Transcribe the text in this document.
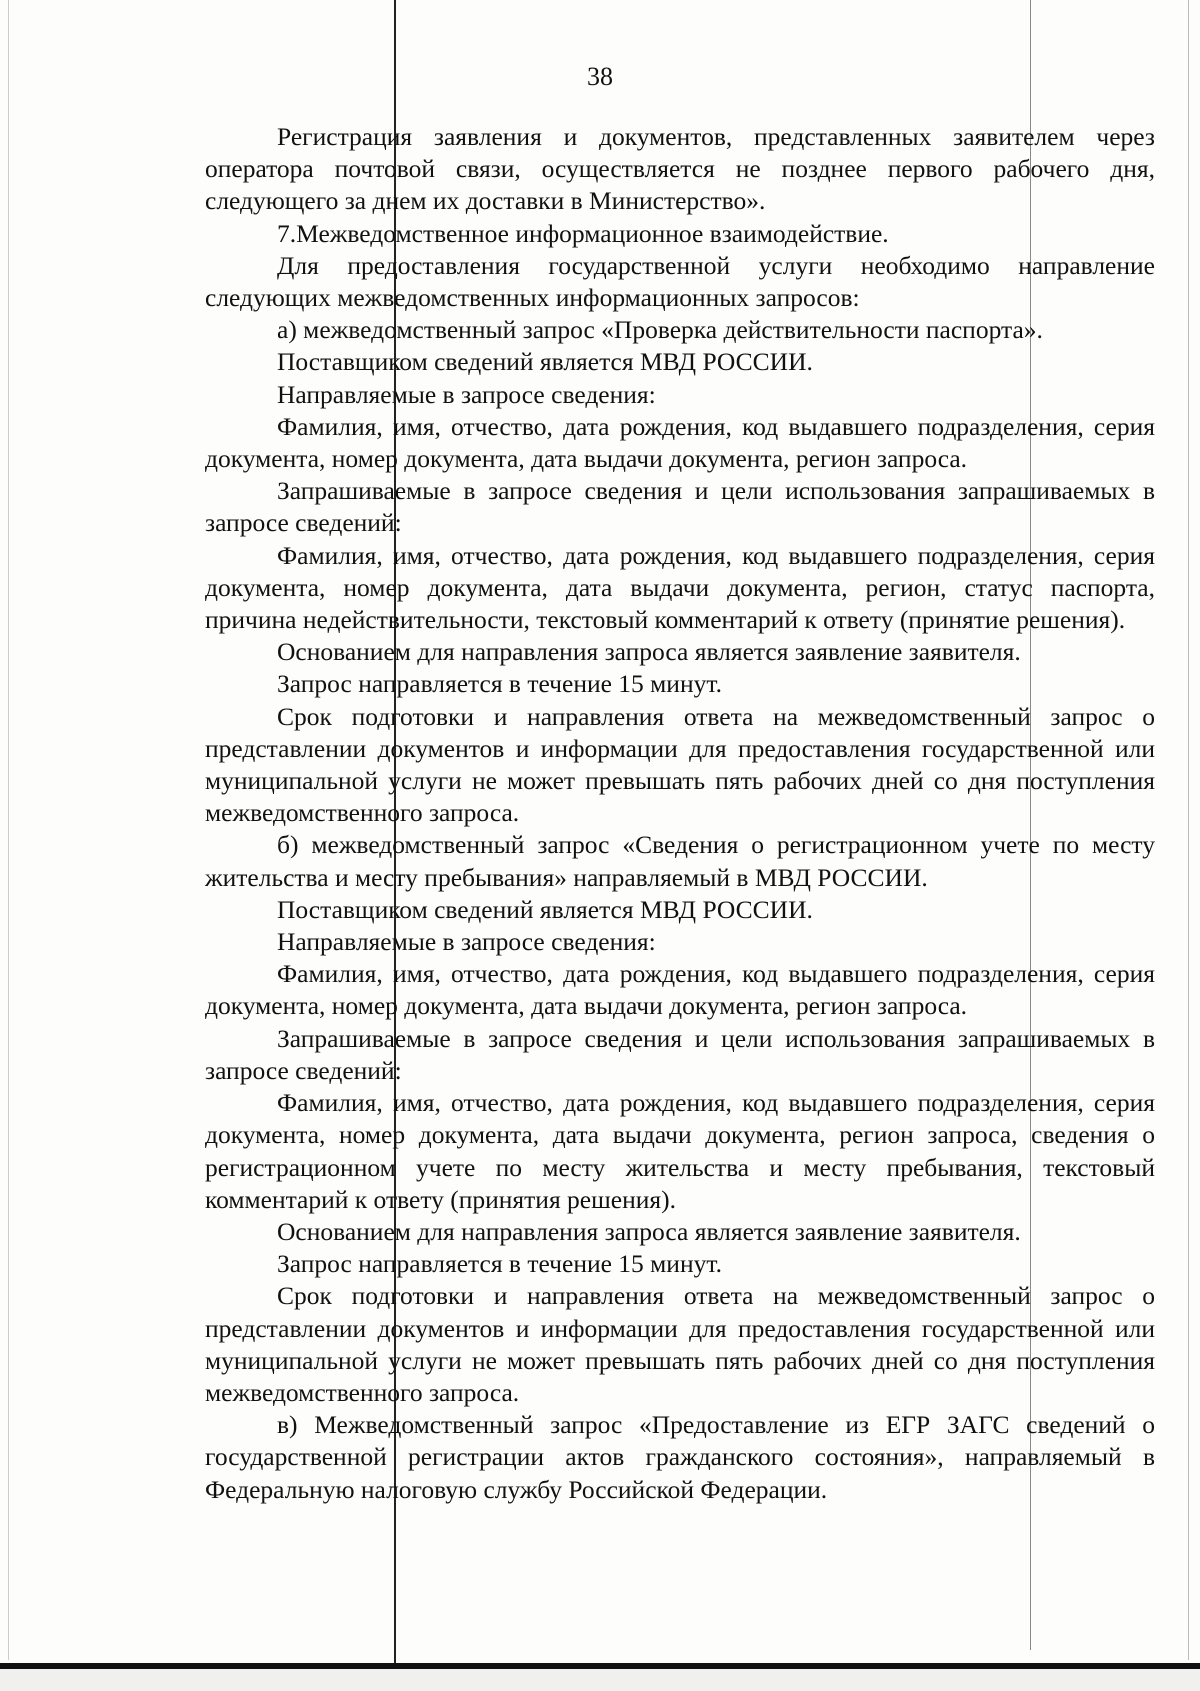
38

Регистрация заявления и документов, представленных заявителем через оператора почтовой связи, осуществляется не позднее первого рабочего дня, следующего за днем их доставки в Министерство».

7.Межведомственное информационное взаимодействие.

Для предоставления государственной услуги необходимо направление следующих межведомственных информационных запросов:

а) межведомственный запрос «Проверка действительности паспорта».

Поставщиком сведений является МВД РОССИИ.

Направляемые в запросе сведения:

Фамилия, имя, отчество, дата рождения, код выдавшего подразделения, серия документа, номер документа, дата выдачи документа, регион запроса.

Запрашиваемые в запросе сведения и цели использования запрашиваемых в запросе сведений:

Фамилия, имя, отчество, дата рождения, код выдавшего подразделения, серия документа, номер документа, дата выдачи документа, регион, статус паспорта, причина недействительности, текстовый комментарий к ответу (принятие решения).

Основанием для направления запроса является заявление заявителя.

Запрос направляется в течение 15 минут.

Срок подготовки и направления ответа на межведомственный запрос о представлении документов и информации для предоставления государственной или муниципальной услуги не может превышать пять рабочих дней со дня поступления межведомственного запроса.

б) межведомственный запрос «Сведения о регистрационном учете по месту жительства и месту пребывания» направляемый в МВД РОССИИ.

Поставщиком сведений является МВД РОССИИ.

Направляемые в запросе сведения:

Фамилия, имя, отчество, дата рождения, код выдавшего подразделения, серия документа, номер документа, дата выдачи документа, регион запроса.

Запрашиваемые в запросе сведения и цели использования запрашиваемых в запросе сведений:

Фамилия, имя, отчество, дата рождения, код выдавшего подразделения, серия документа, номер документа, дата выдачи документа, регион запроса, сведения о регистрационном учете по месту жительства и месту пребывания, текстовый комментарий к ответу (принятия решения).

Основанием для направления запроса является заявление заявителя.

Запрос направляется в течение 15 минут.

Срок подготовки и направления ответа на межведомственный запрос о представлении документов и информации для предоставления государственной или муниципальной услуги не может превышать пять рабочих дней со дня поступления межведомственного запроса.

в) Межведомственный запрос «Предоставление из ЕГР ЗАГС сведений о государственной регистрации актов гражданского состояния», направляемый в Федеральную налоговую службу Российской Федерации.
